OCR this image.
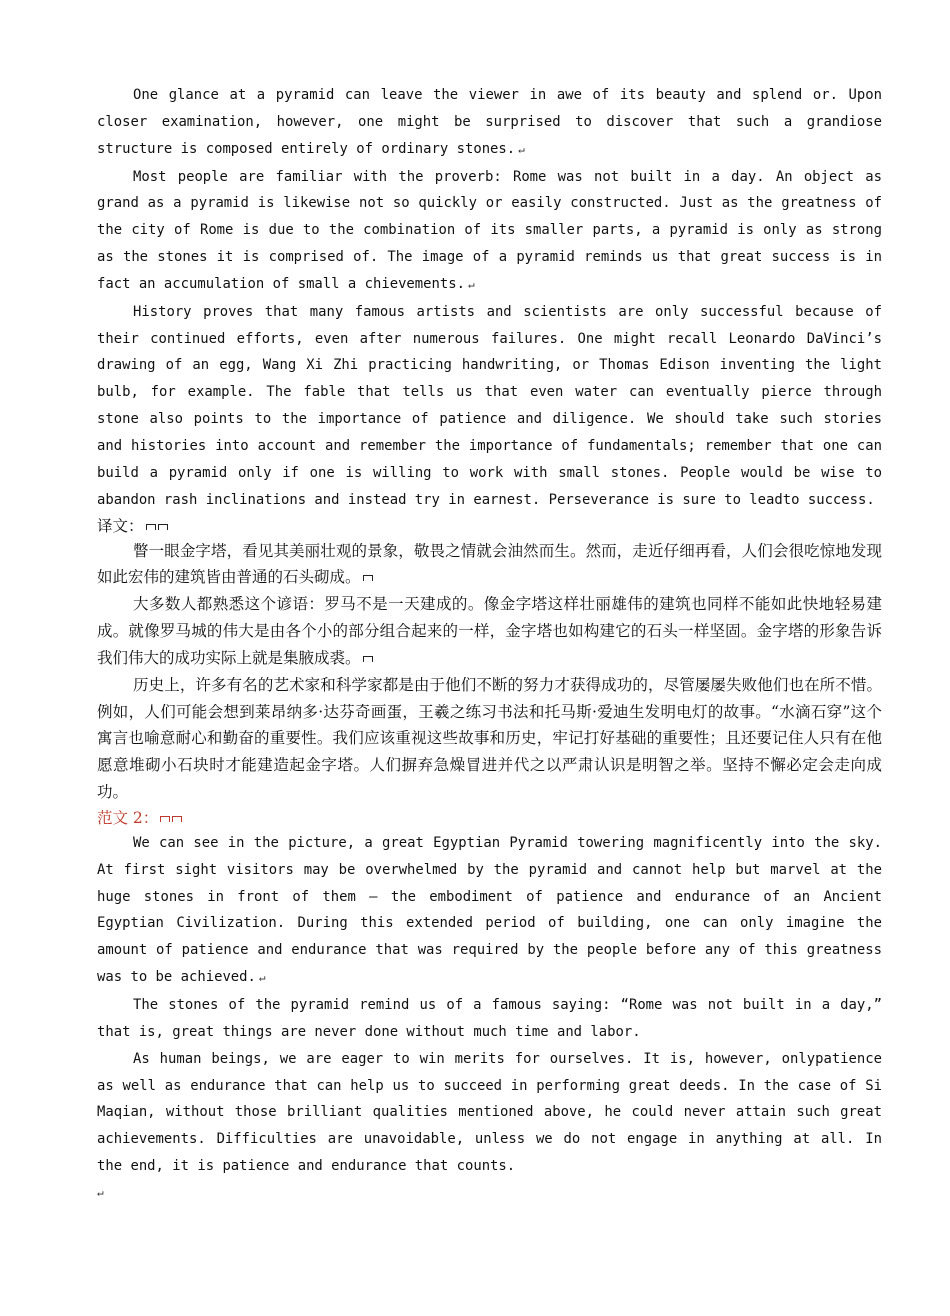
One glance at a pyramid can leave the viewer in awe of its beauty and splend or. Upon closer examination, however, one might be surprised to discover that such a grandiose structure is composed entirely of ordinary stones. ↵

Most people are familiar with the proverb: Rome was not built in a day. An object as grand as a pyramid is likewise not so quickly or easily constructed. Just as the greatness of the city of Rome is due to the combination of its smaller parts, a pyramid is only as strong as the stones it is comprised of. The image of a pyramid reminds us that great success is in fact an accumulation of small a chievements. ↵

History proves that many famous artists and scientists are only successful because of their continued efforts, even after numerous failures. One might recall Leonardo DaVinci’s drawing of an egg, Wang Xi Zhi practicing handwriting, or Thomas Edison inventing the light bulb, for example. The fable that tells us that even water can eventually pierce through stone also points to the importance of patience and diligence. We should take such stories and histories into account and remember the importance of fundamentals; remember that one can build a pyramid only if one is willing to work with small stones. People would be wise to abandon rash inclinations and instead try in earnest. Perseverance is sure to leadto success.

译文：

瞥一眼金字塔，看见其美丽壮观的景象，敬畏之情就会油然而生。然而，走近仔细再看，人们会很吃惊地发现如此宏伟的建筑皆由普通的石头砌成。

大多数人都熟悉这个谚语：罗马不是一天建成的。像金字塔这样壮丽雄伟的建筑也同样不能如此快地轻易建成。就像罗马城的伟大是由各个小的部分组合起来的一样，金字塔也如构建它的石头一样坚固。金字塔的形象告诉我们伟大的成功实际上就是集腋成裘。

历史上，许多有名的艺术家和科学家都是由于他们不断的努力才获得成功的，尽管屡屡失败他们也在所不惜。例如，人们可能会想到莱昂纳多·达芬奇画蛋，王羲之练习书法和托马斯·爱迪生发明电灯的故事。“水滴石穿”这个寓言也喻意耐心和勤奋的重要性。我们应该重视这些故事和历史，牢记打好基础的重要性；且还要记住人只有在他愿意堆砌小石块时才能建造起金字塔。人们摒弃急燥冒进并代之以严肃认识是明智之举。坚持不懈必定会走向成功。

范文 2：

We can see in the picture, a great Egyptian Pyramid towering magnificently into the sky. At first sight visitors may be overwhelmed by the pyramid and cannot help but marvel at the huge stones in front of them — the embodiment of patience and endurance of an Ancient Egyptian Civilization. During this extended period of building, one can only imagine the amount of patience and endurance that was required by the people before any of this greatness was to be achieved. ↵

The stones of the pyramid remind us of a famous saying: “Rome was not built in a day,” that is, great things are never done without much time and labor.

As human beings, we are eager to win merits for ourselves. It is, however, onlypatience as well as endurance that can help us to succeed in performing great deeds. In the case of Si Maqian, without those brilliant qualities mentioned above, he could never attain such great achievements. Difficulties are unavoidable, unless we do not engage in anything at all. In the end, it is patience and endurance that counts.

↵
